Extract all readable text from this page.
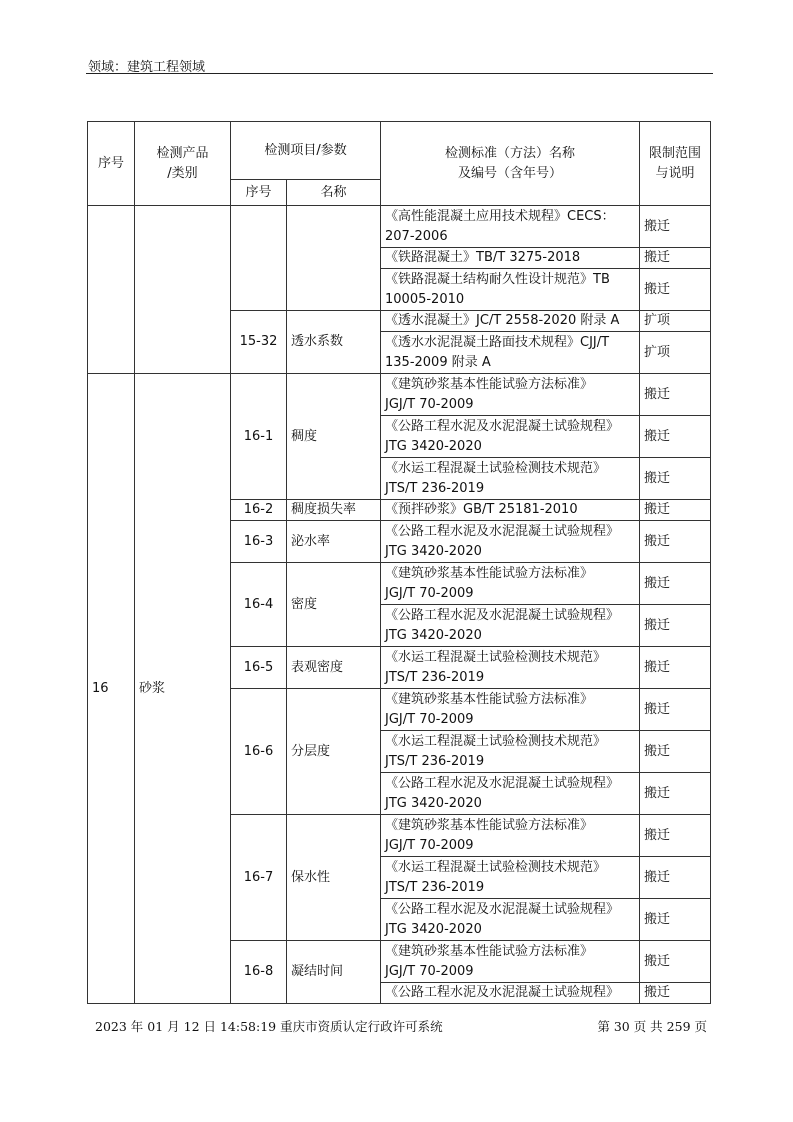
领域：建筑工程领域
序号	检测产品
/类别	检测项目/参数		检测标准（方法）名称
及编号（含年号）	限制范围
与说明
		序号	名称		

				《高性能混凝土应用技术规程》CECS：
207-2006	搬迁

				《铁路混凝土》TB/T 3275-2018	搬迁

				《铁路混凝土结构耐久性设计规范》TB
10005-2010	搬迁
		15-32	透水系数	《透水混凝土》JC/T 2558-2020 附录 A	扩项

				《透水水泥混凝土路面技术规程》CJJ/T
135-2009 附录 A	扩项
16	砂浆	16-1	稠度	《建筑砂浆基本性能试验方法标准》
JGJ/T 70-2009	搬迁

				《公路工程水泥及水泥混凝土试验规程》
JTG 3420-2020	搬迁

				《水运工程混凝土试验检测技术规范》
JTS/T 236-2019	搬迁
		16-2	稠度损失率	《预拌砂浆》GB/T 25181-2010	搬迁
		16-3	泌水率	《公路工程水泥及水泥混凝土试验规程》
JTG 3420-2020	搬迁
		16-4	密度	《建筑砂浆基本性能试验方法标准》
JGJ/T 70-2009	搬迁

				《公路工程水泥及水泥混凝土试验规程》
JTG 3420-2020	搬迁
		16-5	表观密度	《水运工程混凝土试验检测技术规范》
JTS/T 236-2019	搬迁
		16-6	分层度	《建筑砂浆基本性能试验方法标准》
JGJ/T 70-2009	搬迁

				《水运工程混凝土试验检测技术规范》
JTS/T 236-2019	搬迁

				《公路工程水泥及水泥混凝土试验规程》
JTG 3420-2020	搬迁
		16-7	保水性	《建筑砂浆基本性能试验方法标准》
JGJ/T 70-2009	搬迁

				《水运工程混凝土试验检测技术规范》
JTS/T 236-2019	搬迁

				《公路工程水泥及水泥混凝土试验规程》
JTG 3420-2020	搬迁
		16-8	凝结时间	《建筑砂浆基本性能试验方法标准》
JGJ/T 70-2009	搬迁

				《公路工程水泥及水泥混凝土试验规程》	搬迁
2023 年 01 月 12 日 14:58:19 重庆市资质认定行政许可系统	第 30 页 共 259 页
